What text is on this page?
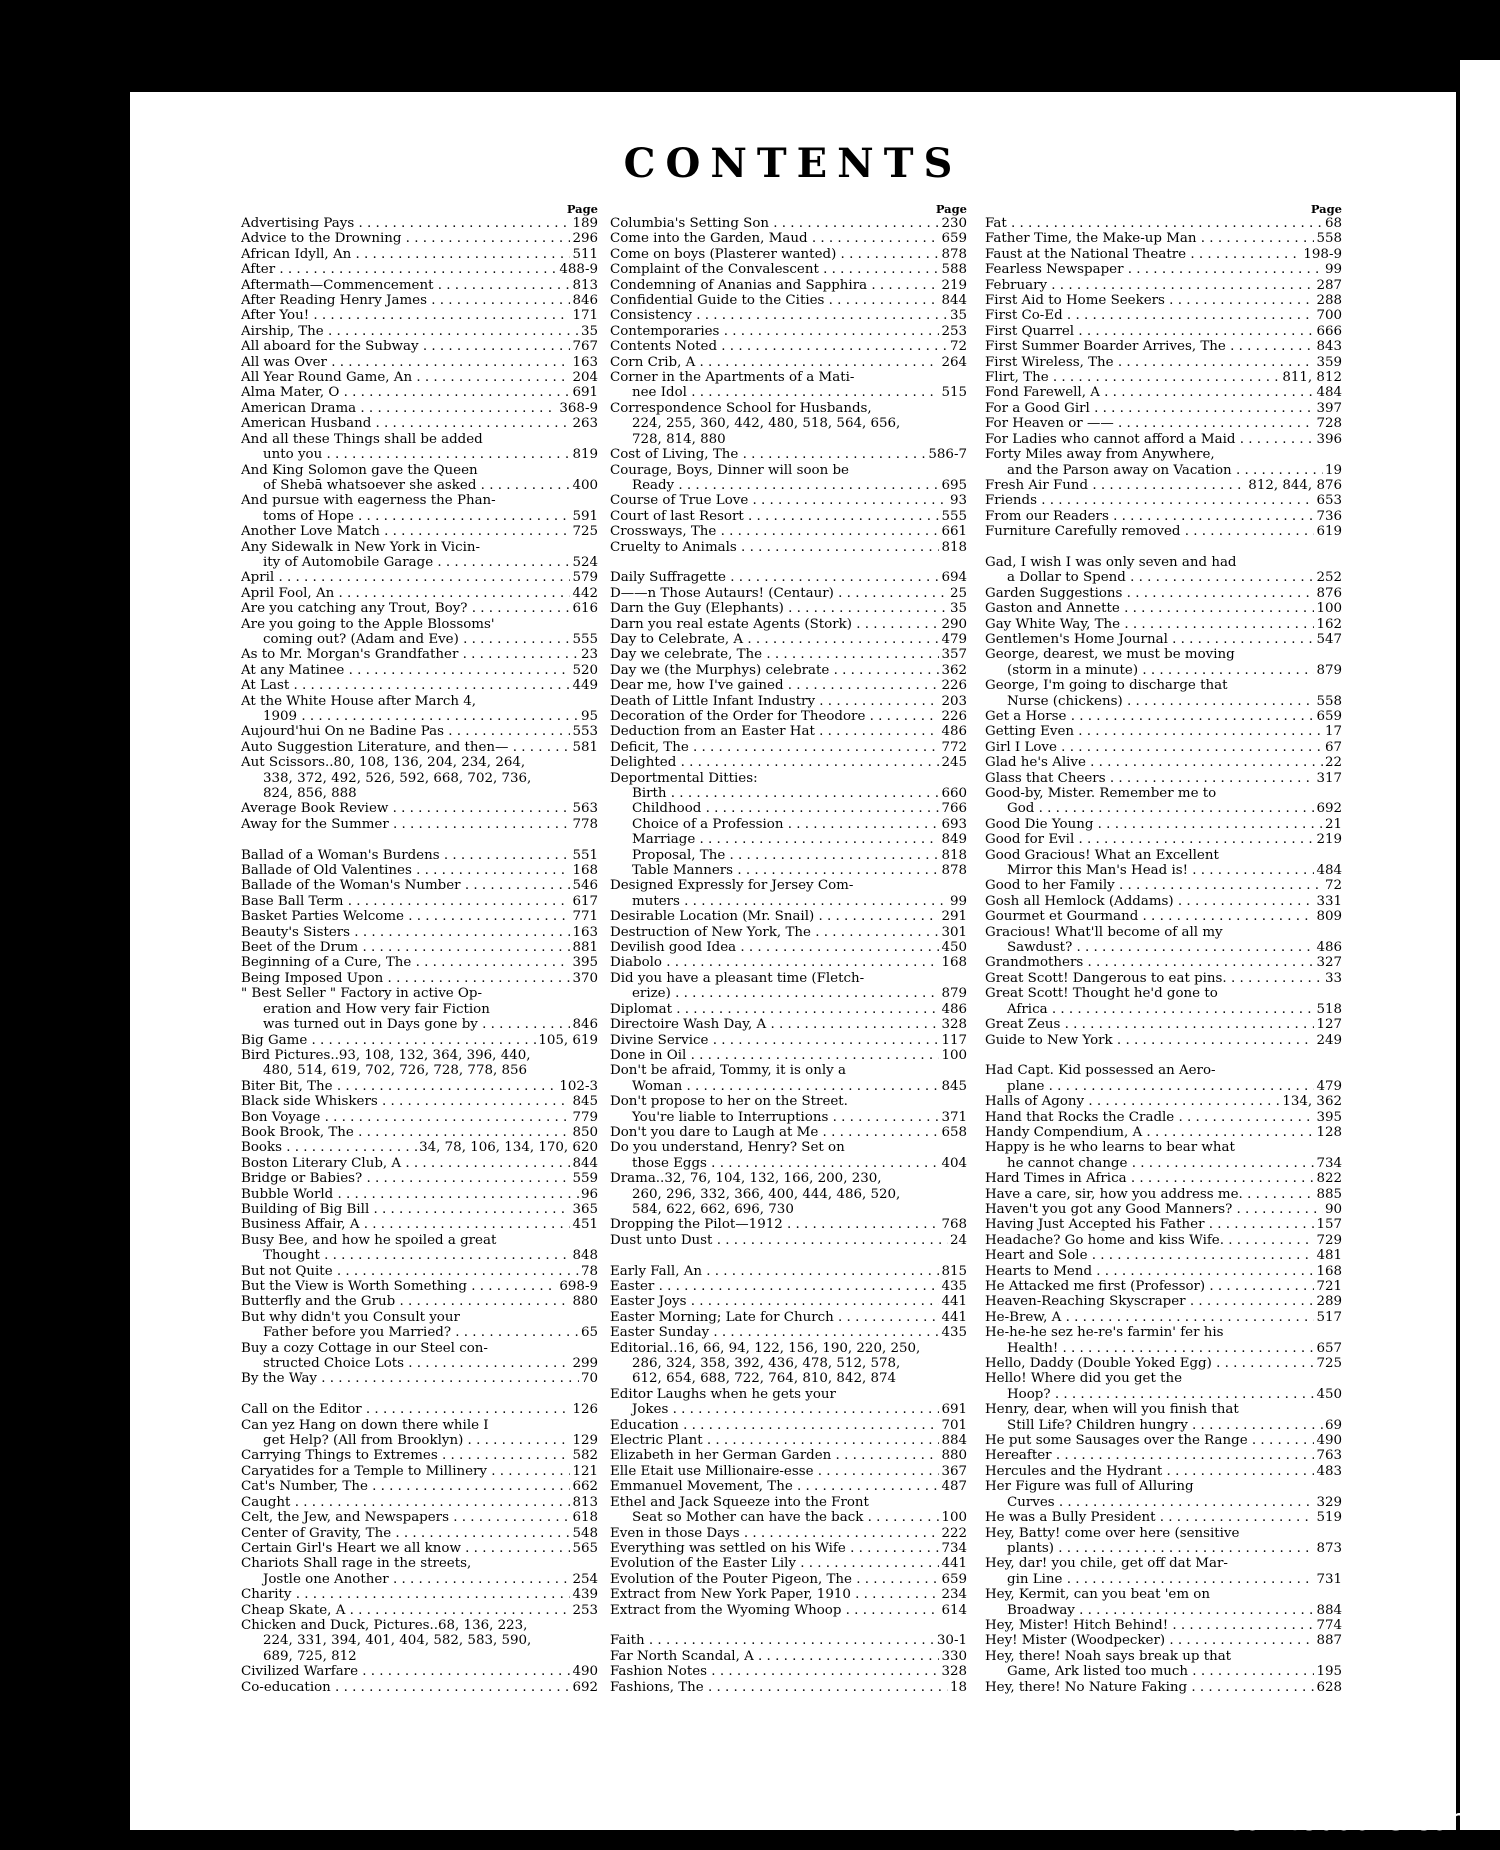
CONTENTS
Page
Advertising Pays . . .	189
Advice to the Drowning . . .	296
African Idyll, An . . .	511
After . . .	488-9
Aftermath—Commencement . . .	813
After Reading Henry James . . .	846
After You! . . .	171
Airship, The . . .	35
All aboard for the Subway . . .	767
All was Over . . .	163
All Year Round Game, An . . .	204
Alma Mater, O . . .	691
American Drama . . .	368-9
American Husband . . .	263
And all these Things shall be added
unto you . . .	819
And King Solomon gave the Queen
of Shebā whatsoever she asked . . .	400
And pursue with eagerness the Phan-
toms of Hope . . .	591
Another Love Match . . .	725
Any Sidewalk in New York in Vicin-
ity of Automobile Garage . . .	524
April . . .	579
April Fool, An . . .	442
Are you catching any Trout, Boy? . . .	616
Are you going to the Apple Blossoms'
coming out? (Adam and Eve) . . .	555
As to Mr. Morgan's Grandfather . . .	23
At any Matinee . . .	520
At Last . . .	449
At the White House after March 4,
1909 . . .	95
Aujourd'hui On ne Badine Pas . . .	553
Auto Suggestion Literature, and then— . . .	581
Aut Scissors..80, 108, 136, 204, 234, 264,
338, 372, 492, 526, 592, 668, 702, 736,
824, 856, 888
Average Book Review . . .	563
Away for the Summer . . .	778
Ballad of a Woman's Burdens . . .	551
Ballade of Old Valentines . . .	168
Ballade of the Woman's Number . . .	546
Base Ball Term . . .	617
Basket Parties Welcome . . .	771
Beauty's Sisters . . .	163
Beet of the Drum . . .	881
Beginning of a Cure, The . . .	395
Being Imposed Upon . . .	370
" Best Seller " Factory in active Op-
eration and How very fair Fiction
was turned out in Days gone by . . .	846
Big Game . . .	105, 619
Bird Pictures..93, 108, 132, 364, 396, 440,
480, 514, 619, 702, 726, 728, 778, 856
Biter Bit, The . . .	102-3
Black side Whiskers . . .	845
Bon Voyage . . .	779
Book Brook, The . . .	850
Books . . .	34, 78, 106, 134, 170, 620
Boston Literary Club, A . . .	844
Bridge or Babies? . . .	559
Bubble World . . .	96
Building of Big Bill . . .	365
Business Affair, A . . .	451
Busy Bee, and how he spoiled a great
Thought . . .	848
But not Quite . . .	78
But the View is Worth Something . . .	698-9
Butterfly and the Grub . . .	880
But why didn't you Consult your
Father before you Married? . . .	65
Buy a cozy Cottage in our Steel con-
structed Choice Lots . . .	299
By the Way . . .	70
Call on the Editor . . .	126
Can yez Hang on down there while I
get Help? (All from Brooklyn) . . .	129
Carrying Things to Extremes . . .	582
Caryatides for a Temple to Millinery . . .	121
Cat's Number, The . . .	662
Caught . . .	813
Celt, the Jew, and Newspapers . . .	618
Center of Gravity, The . . .	548
Certain Girl's Heart we all know . . .	565
Chariots Shall rage in the streets,
Jostle one Another . . .	254
Charity . . .	439
Cheap Skate, A . . .	253
Chicken and Duck, Pictures..68, 136, 223,
224, 331, 394, 401, 404, 582, 583, 590,
689, 725, 812
Civilized Warfare . . .	490
Co-education . . .	692
Page
Columbia's Setting Son . . .	230
Come into the Garden, Maud . . .	659
Come on boys (Plasterer wanted) . . .	878
Complaint of the Convalescent . . .	588
Condemning of Ananias and Sapphira . . .	219
Confidential Guide to the Cities . . .	844
Consistency . . .	35
Contemporaries . . .	253
Contents Noted . . .	72
Corn Crib, A . . .	264
Corner in the Apartments of a Mati-
nee Idol . . .	515
Correspondence School for Husbands,
224, 255, 360, 442, 480, 518, 564, 656,
728, 814, 880
Cost of Living, The . . .	586-7
Courage, Boys, Dinner will soon be
Ready . . .	695
Course of True Love . . .	93
Court of last Resort . . .	555
Crossways, The . . .	661
Cruelty to Animals . . .	818
Daily Suffragette . . .	694
D——n Those Autaurs! (Centaur) . . .	25
Darn the Guy (Elephants) . . .	35
Darn you real estate Agents (Stork) . . .	290
Day to Celebrate, A . . .	479
Day we celebrate, The . . .	357
Day we (the Murphys) celebrate . . .	362
Dear me, how I've gained . . .	226
Death of Little Infant Industry . . .	203
Decoration of the Order for Theodore . . .	226
Deduction from an Easter Hat . . .	486
Deficit, The . . .	772
Delighted . . .	245
Deportmental Ditties:
Birth . . .	660
Childhood . . .	766
Choice of a Profession . . .	693
Marriage . . .	849
Proposal, The . . .	818
Table Manners . . .	878
Designed Expressly for Jersey Com-
muters . . .	99
Desirable Location (Mr. Snail) . . .	291
Destruction of New York, The . . .	301
Devilish good Idea . . .	450
Diabolo . . .	168
Did you have a pleasant time (Fletch-
erize) . . .	879
Diplomat . . .	486
Directoire Wash Day, A . . .	328
Divine Service . . .	117
Done in Oil . . .	100
Don't be afraid, Tommy, it is only a
Woman . . .	845
Don't propose to her on the Street.
You're liable to Interruptions . . .	371
Don't you dare to Laugh at Me . . .	658
Do you understand, Henry? Set on
those Eggs . . .	404
Drama..32, 76, 104, 132, 166, 200, 230,
260, 296, 332, 366, 400, 444, 486, 520,
584, 622, 662, 696, 730
Dropping the Pilot—1912 . . .	768
Dust unto Dust . . .	24
Early Fall, An . . .	815
Easter . . .	435
Easter Joys . . .	441
Easter Morning; Late for Church . . .	441
Easter Sunday . . .	435
Editorial..16, 66, 94, 122, 156, 190, 220, 250,
286, 324, 358, 392, 436, 478, 512, 578,
612, 654, 688, 722, 764, 810, 842, 874
Editor Laughs when he gets your
Jokes . . .	691
Education . . .	701
Electric Plant . . .	884
Elizabeth in her German Garden . . .	880
Elle Etait use Millionaire-esse . . .	367
Emmanuel Movement, The . . .	487
Ethel and Jack Squeeze into the Front
Seat so Mother can have the back . . .	100
Even in those Days . . .	222
Everything was settled on his Wife . . .	734
Evolution of the Easter Lily . . .	441
Evolution of the Pouter Pigeon, The . . .	659
Extract from New York Paper, 1910 . . .	234
Extract from the Wyoming Whoop . . .	614
Faith . . .	30-1
Far North Scandal, A . . .	330
Fashion Notes . . .	328
Fashions, The . . .	18
Page
Fat . . .	68
Father Time, the Make-up Man . . .	558
Faust at the National Theatre . . .	198-9
Fearless Newspaper . . .	99
February . . .	287
First Aid to Home Seekers . . .	288
First Co-Ed . . .	700
First Quarrel . . .	666
First Summer Boarder Arrives, The . . .	843
First Wireless, The . . .	359
Flirt, The . . .	811, 812
Fond Farewell, A . . .	484
For a Good Girl . . .	397
For Heaven or —— . . .	728
For Ladies who cannot afford a Maid . . .	396
Forty Miles away from Anywhere,
and the Parson away on Vacation . . .	19
Fresh Air Fund . . .	812, 844, 876
Friends . . .	653
From our Readers . . .	736
Furniture Carefully removed . . .	619
Gad, I wish I was only seven and had
a Dollar to Spend . . .	252
Garden Suggestions . . .	876
Gaston and Annette . . .	100
Gay White Way, The . . .	162
Gentlemen's Home Journal . . .	547
George, dearest, we must be moving
(storm in a minute) . . .	879
George, I'm going to discharge that
Nurse (chickens) . . .	558
Get a Horse . . .	659
Getting Even . . .	17
Girl I Love . . .	67
Glad he's Alive . . .	22
Glass that Cheers . . .	317
Good-by, Mister. Remember me to
God . . .	692
Good Die Young . . .	21
Good for Evil . . .	219
Good Gracious! What an Excellent
Mirror this Man's Head is! . . .	484
Good to her Family . . .	72
Gosh all Hemlock (Addams) . . .	331
Gourmet et Gourmand . . .	809
Gracious! What'll become of all my
Sawdust? . . .	486
Grandmothers . . .	327
Great Scott! Dangerous to eat pins. . . .	33
Great Scott! Thought he'd gone to
Africa . . .	518
Great Zeus . . .	127
Guide to New York . . .	249
Had Capt. Kid possessed an Aero-
plane . . .	479
Halls of Agony . . .	134, 362
Hand that Rocks the Cradle . . .	395
Handy Compendium, A . . .	128
Happy is he who learns to bear what
he cannot change . . .	734
Hard Times in Africa . . .	822
Have a care, sir, how you address me. . . .	885
Haven't you got any Good Manners? . . .	90
Having Just Accepted his Father . . .	157
Headache? Go home and kiss Wife. . . .	729
Heart and Sole . . .	481
Hearts to Mend . . .	168
He Attacked me first (Professor) . . .	721
Heaven-Reaching Skyscraper . . .	289
He-Brew, A . . .	517
He-he-he sez he-re's farmin' fer his
Health! . . .	657
Hello, Daddy (Double Yoked Egg) . . .	725
Hello! Where did you get the
Hoop? . . .	450
Henry, dear, when will you finish that
Still Life? Children hungry . . .	69
He put some Sausages over the Range . . .	490
Hereafter . . .	763
Hercules and the Hydrant . . .	483
Her Figure was full of Alluring
Curves . . .	329
He was a Bully President . . .	519
Hey, Batty! come over here (sensitive
plants) . . .	873
Hey, dar! you chile, get off dat Mar-
gin Line . . .	731
Hey, Kermit, can you beat 'em on
Broadway . . .	884
Hey, Mister! Hitch Behind! . . .	774
Hey! Mister (Woodpecker) . . .	887
Hey, there! Noah says break up that
Game, Ark listed too much . . .	195
Hey, there! No Nature Faking . . .	628
comicbooks.com
